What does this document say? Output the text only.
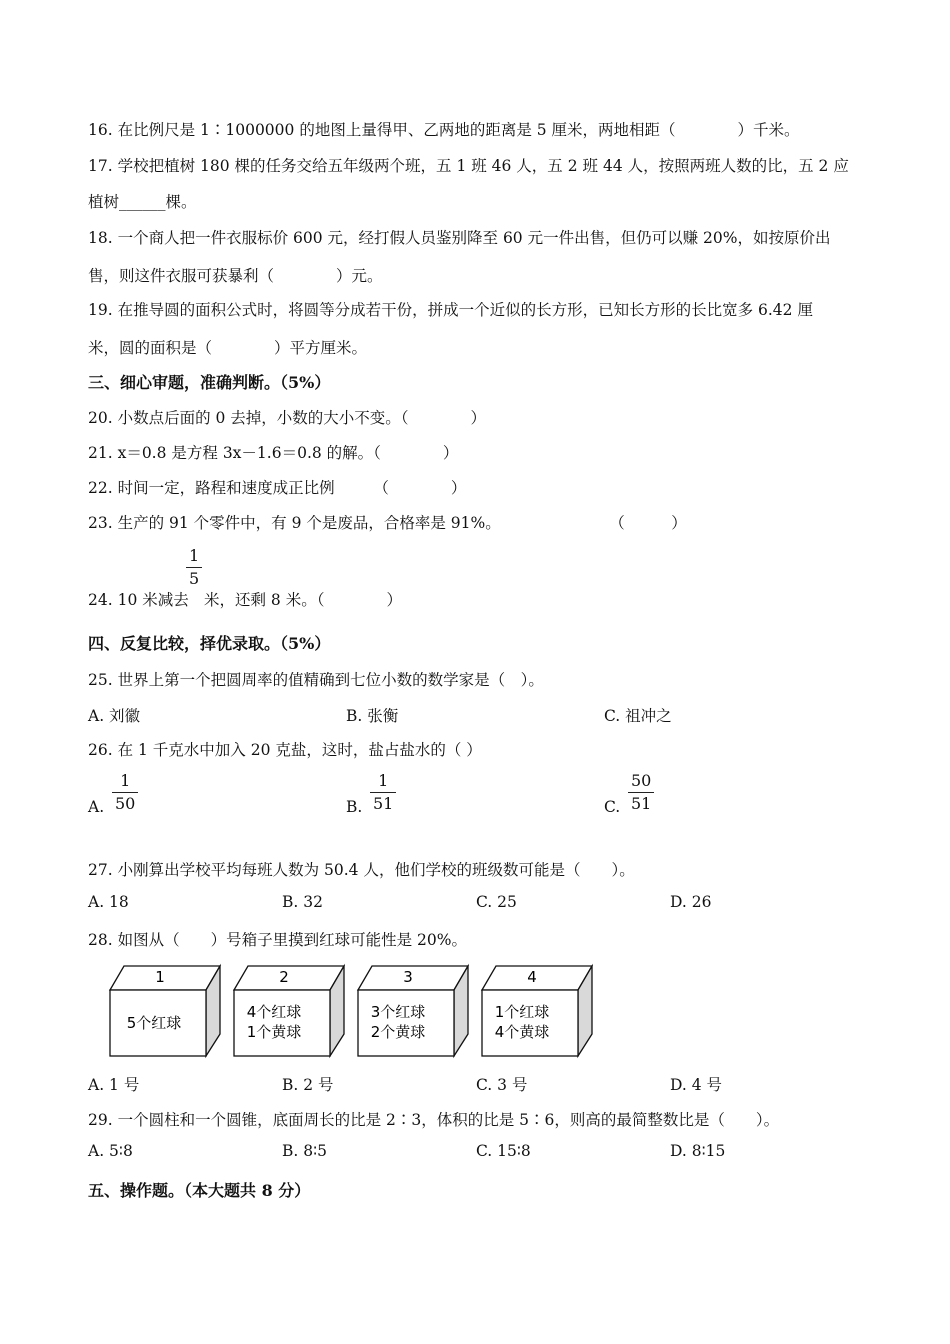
16. 在比例尺是 1∶1000000 的地图上量得甲、乙两地的距离是 5 厘米，两地相距（　　　　）千米。
17. 学校把植树 180 棵的任务交给五年级两个班，五 1 班 46 人，五 2 班 44 人，按照两班人数的比，五 2 应
植树______棵。
18. 一个商人把一件衣服标价 600 元，经打假人员鉴别降至 60 元一件出售，但仍可以赚 20%，如按原价出
售，则这件衣服可获暴利（　　　　）元。
19. 在推导圆的面积公式时，将圆等分成若干份，拼成一个近似的长方形，已知长方形的长比宽多 6.42 厘
米，圆的面积是（　　　　）平方厘米。
三、细心审题，准确判断。（5%）
20. 小数点后面的 0 去掉，小数的大小不变。（　　　　）
21. x＝0.8 是方程 3x－1.6＝0.8 的解。（　　　　）
22. 时间一定，路程和速度成正比例　　　（　　　　）
23. 生产的 91 个零件中，有 9 个是废品，合格率是 91%。　　　　　　　　（　　　）
24. 10 米减去
1
5
米，还剩 8 米。（　　　　）
四、反复比较，择优录取。（5%）
25. 世界上第一个把圆周率的值精确到七位小数的数学家是（　）。
A. 刘徽	B. 张衡	C. 祖冲之
26. 在 1 千克水中加入 20 克盐，这时，盐占盐水的（ ）
A.
1
50	B.
1
51	C.
50
51
27. 小刚算出学校平均每班人数为 50.4 人，他们学校的班级数可能是（　　）。
A. 18	B. 32	C. 25	D. 26
28. 如图从（　　）号箱子里摸到红球可能性是 20%。
1
5个红球
2
4个红球
1个黄球
3
3个红球
2个黄球
4
1个红球
4个黄球
A. 1 号	B. 2 号	C. 3 号	D. 4 号
29. 一个圆柱和一个圆锥，底面周长的比是 2∶3，体积的比是 5∶6，则高的最简整数比是（　　）。
A. 5∶8	B. 8∶5	C. 15∶8	D. 8∶15
五、操作题。（本大题共 8 分）
